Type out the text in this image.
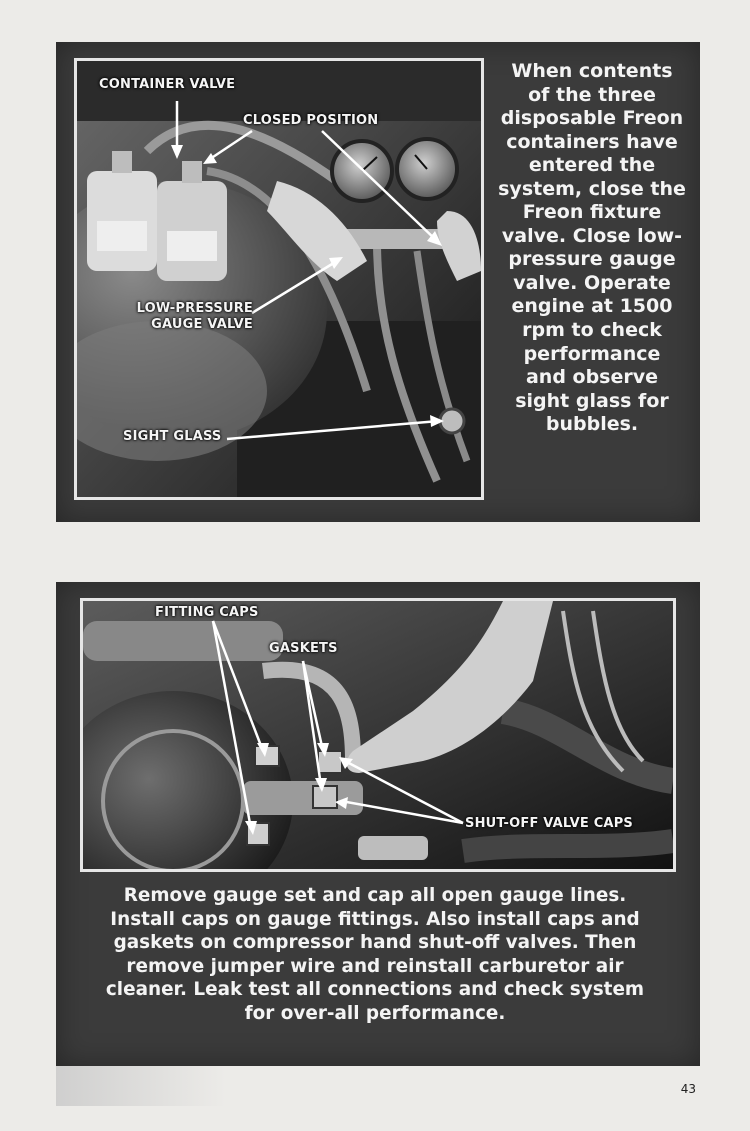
CONTAINER VALVE
CLOSED POSITION
LOW-PRESSURE
GAUGE VALVE
SIGHT GLASS
When contents
of the three
disposable Freon
containers have
entered the
system, close the
Freon fixture
valve. Close low-
pressure gauge
valve. Operate
engine at 1500
rpm to check
performance
and observe
sight glass for
bubbles.
FITTING CAPS
GASKETS
SHUT-OFF VALVE CAPS
Remove gauge set and cap all open gauge lines.
Install caps on gauge fittings. Also install caps and
gaskets on compressor hand shut-off valves. Then
remove jumper wire and reinstall carburetor air
cleaner. Leak test all connections and check system
for over-all performance.
43
